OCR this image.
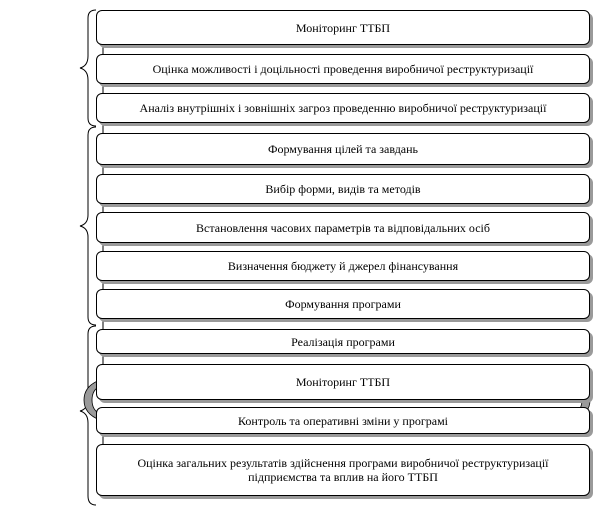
Моніторинг ТТБП
Оцінка можливості і доцільності проведення виробничої реструктуризації
Аналіз внутрішніх і зовнішніх загроз проведенню виробничої реструктуризації
Формування цілей та завдань
Вибір форми, видів та методів
Встановлення часових параметрів та відповідальних осіб
Визначення бюджету й джерел фінансування
Формування програми
Реалізація програми
Моніторинг ТТБП
Контроль та оперативні зміни у програмі
Оцінка загальних результатів здійснення програми виробничої реструктуризації підприємства та вплив на його ТТБП
